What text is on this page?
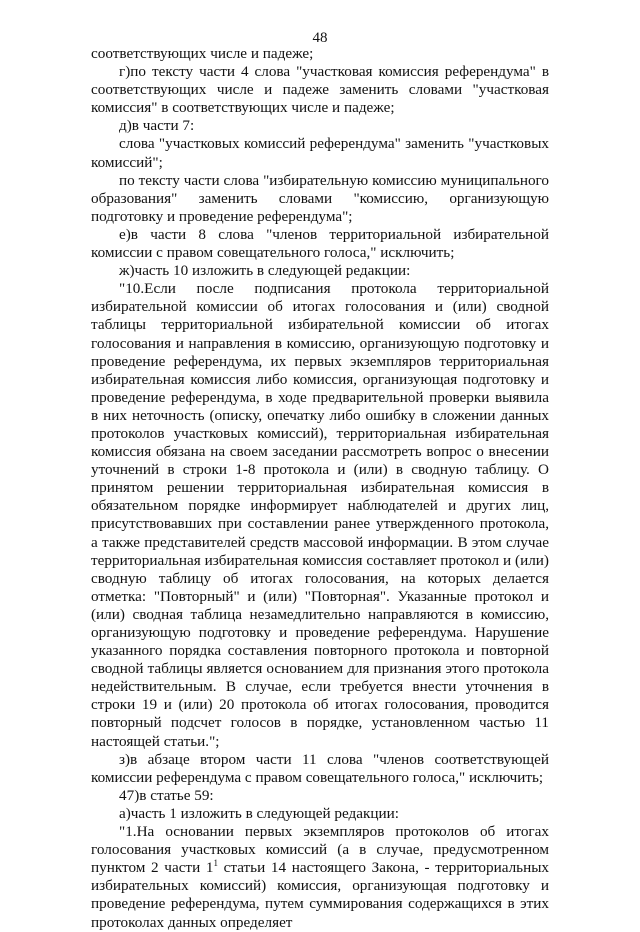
48

соответствующих числе и падеже;

г)по тексту части 4 слова "участковая комиссия референдума" в соответствующих числе и падеже заменить словами "участковая комиссия" в соответствующих числе и падеже;

д)в части 7:

слова "участковых комиссий референдума" заменить "участковых комиссий";

по тексту части слова "избирательную комиссию муниципального образования" заменить словами "комиссию, организующую подготовку и проведение референдума";

е)в части 8 слова "членов территориальной избирательной комиссии с правом совещательного голоса," исключить;

ж)часть 10 изложить в следующей редакции:

"10.Если после подписания протокола территориальной избирательной комиссии об итогах голосования и (или) сводной таблицы территориальной избирательной комиссии об итогах голосования и направления в комиссию, организующую подготовку и проведение референдума, их первых экземпляров территориальная избирательная комиссия либо комиссия, организующая подготовку и проведение референдума, в ходе предварительной проверки выявила в них неточность (описку, опечатку либо ошибку в сложении данных протоколов участковых комиссий), территориальная избирательная комиссия обязана на своем заседании рассмотреть вопрос о внесении уточнений в строки 1-8 протокола и (или) в сводную таблицу. О принятом решении территориальная избирательная комиссия в обязательном порядке информирует наблюдателей и других лиц, присутствовавших при составлении ранее утвержденного протокола, а также представителей средств массовой информации. В этом случае территориальная избирательная комиссия составляет протокол и (или) сводную таблицу об итогах голосования, на которых делается отметка: "Повторный" и (или) "Повторная". Указанные протокол и (или) сводная таблица незамедлительно направляются в комиссию, организующую подготовку и проведение референдума. Нарушение указанного порядка составления повторного протокола и повторной сводной таблицы является основанием для признания этого протокола недействительным. В случае, если требуется внести уточнения в строки 19 и (или) 20 протокола об итогах голосования, проводится повторный подсчет голосов в порядке, установленном частью 11 настоящей статьи.";

з)в абзаце втором части 11 слова "членов соответствующей комиссии референдума с правом совещательного голоса," исключить;

47)в статье 59:

а)часть 1 изложить в следующей редакции:

"1.На основании первых экземпляров протоколов об итогах голосования участковых комиссий (а в случае, предусмотренном пунктом 2 части $1^1$ статьи 14 настоящего Закона, - территориальных избирательных комиссий) комиссия, организующая подготовку и проведение референдума, путем суммирования содержащихся в этих протоколах данных определяет
